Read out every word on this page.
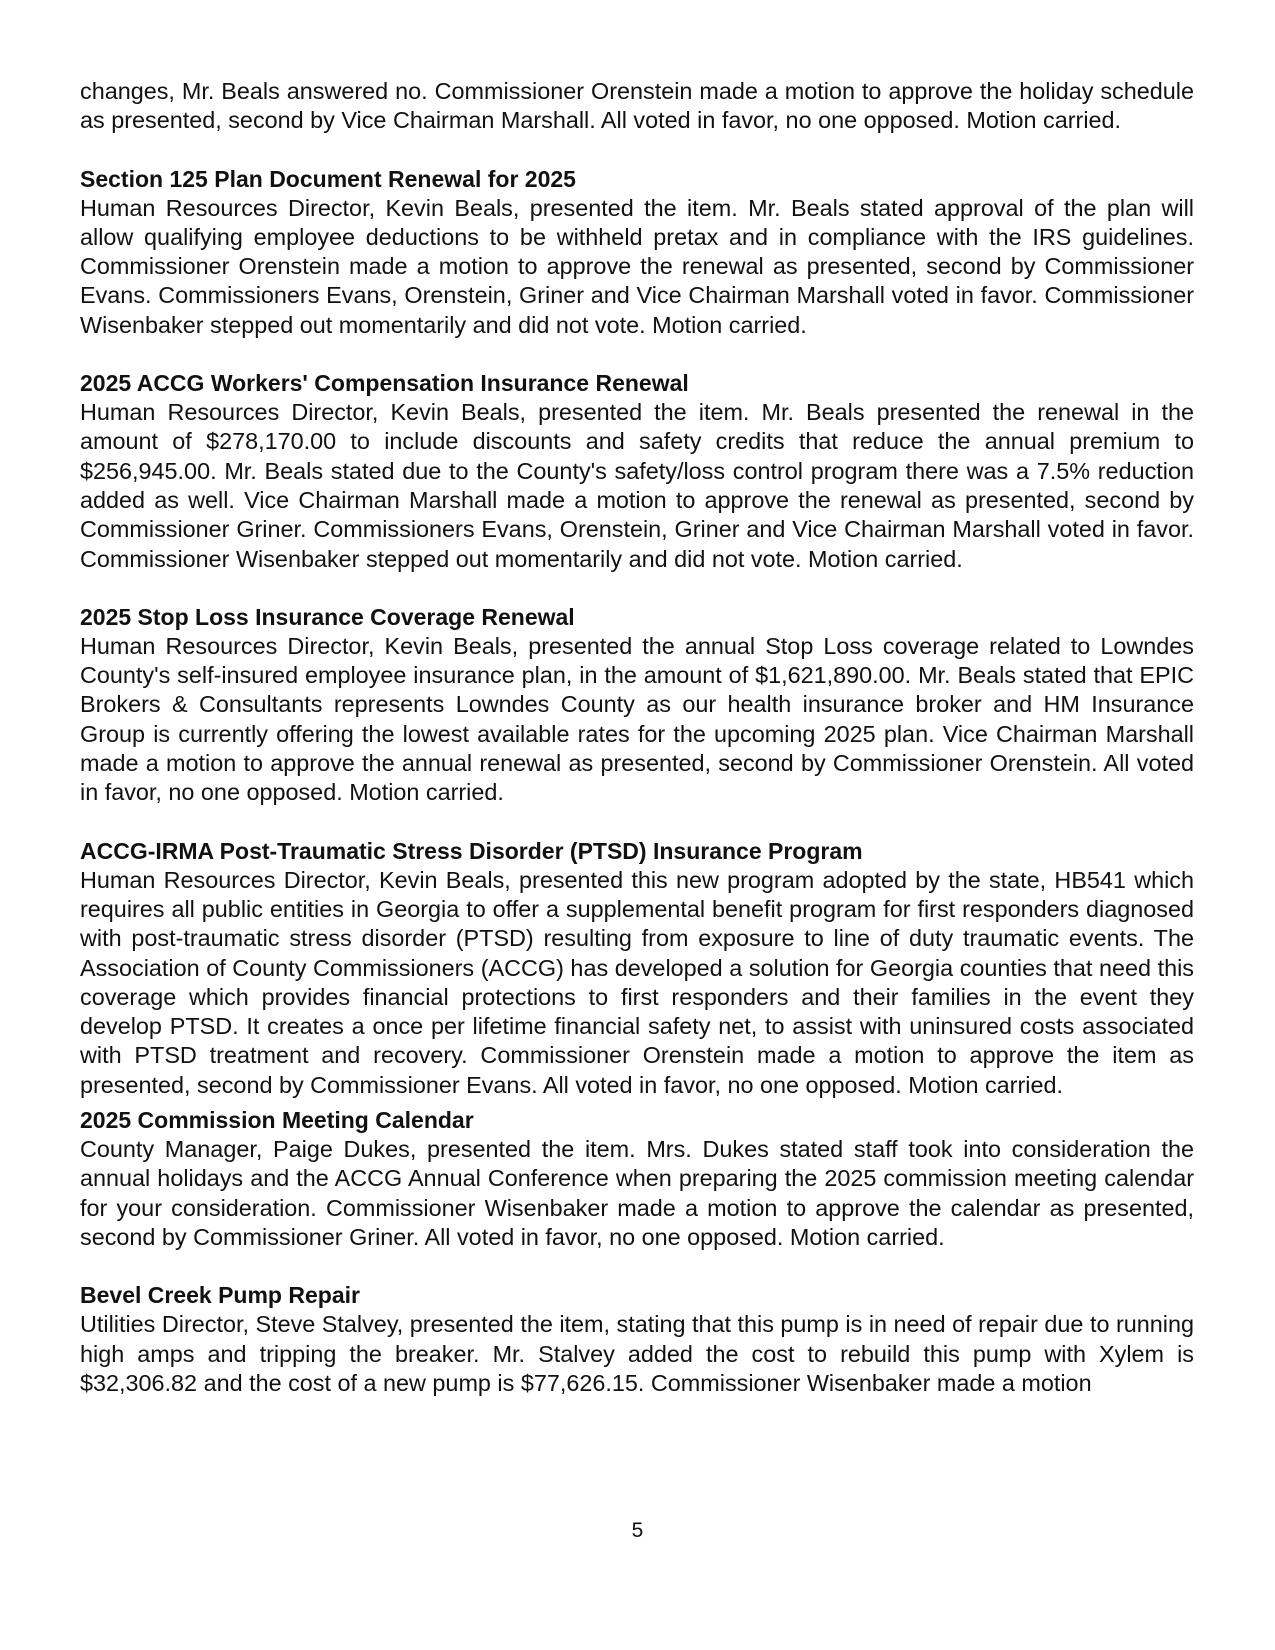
changes, Mr. Beals answered no. Commissioner Orenstein made a motion to approve the holiday schedule as presented, second by Vice Chairman Marshall. All voted in favor, no one opposed. Motion carried.

Section 125 Plan Document Renewal for 2025

Human Resources Director, Kevin Beals, presented the item. Mr. Beals stated approval of the plan will allow qualifying employee deductions to be withheld pretax and in compliance with the IRS guidelines. Commissioner Orenstein made a motion to approve the renewal as presented, second by Commissioner Evans. Commissioners Evans, Orenstein, Griner and Vice Chairman Marshall voted in favor. Commissioner Wisenbaker stepped out momentarily and did not vote. Motion carried.

2025 ACCG Workers' Compensation Insurance Renewal

Human Resources Director, Kevin Beals, presented the item. Mr. Beals presented the renewal in the amount of $278,170.00 to include discounts and safety credits that reduce the annual premium to $256,945.00. Mr. Beals stated due to the County's safety/loss control program there was a 7.5% reduction added as well. Vice Chairman Marshall made a motion to approve the renewal as presented, second by Commissioner Griner. Commissioners Evans, Orenstein, Griner and Vice Chairman Marshall voted in favor. Commissioner Wisenbaker stepped out momentarily and did not vote. Motion carried.

2025 Stop Loss Insurance Coverage Renewal

Human Resources Director, Kevin Beals, presented the annual Stop Loss coverage related to Lowndes County's self-insured employee insurance plan, in the amount of $1,621,890.00. Mr. Beals stated that EPIC Brokers & Consultants represents Lowndes County as our health insurance broker and HM Insurance Group is currently offering the lowest available rates for the upcoming 2025 plan. Vice Chairman Marshall made a motion to approve the annual renewal as presented, second by Commissioner Orenstein. All voted in favor, no one opposed. Motion carried.

ACCG-IRMA Post-Traumatic Stress Disorder (PTSD) Insurance Program

Human Resources Director, Kevin Beals, presented this new program adopted by the state, HB541 which requires all public entities in Georgia to offer a supplemental benefit program for first responders diagnosed with post-traumatic stress disorder (PTSD) resulting from exposure to line of duty traumatic events. The Association of County Commissioners (ACCG) has developed a solution for Georgia counties that need this coverage which provides financial protections to first responders and their families in the event they develop PTSD. It creates a once per lifetime financial safety net, to assist with uninsured costs associated with PTSD treatment and recovery. Commissioner Orenstein made a motion to approve the item as presented, second by Commissioner Evans. All voted in favor, no one opposed. Motion carried.

2025 Commission Meeting Calendar

County Manager, Paige Dukes, presented the item. Mrs. Dukes stated staff took into consideration the annual holidays and the ACCG Annual Conference when preparing the 2025 commission meeting calendar for your consideration. Commissioner Wisenbaker made a motion to approve the calendar as presented, second by Commissioner Griner. All voted in favor, no one opposed. Motion carried.

Bevel Creek Pump Repair

Utilities Director, Steve Stalvey, presented the item, stating that this pump is in need of repair due to running high amps and tripping the breaker. Mr. Stalvey added the cost to rebuild this pump with Xylem is $32,306.82 and the cost of a new pump is $77,626.15. Commissioner Wisenbaker made a motion

5
